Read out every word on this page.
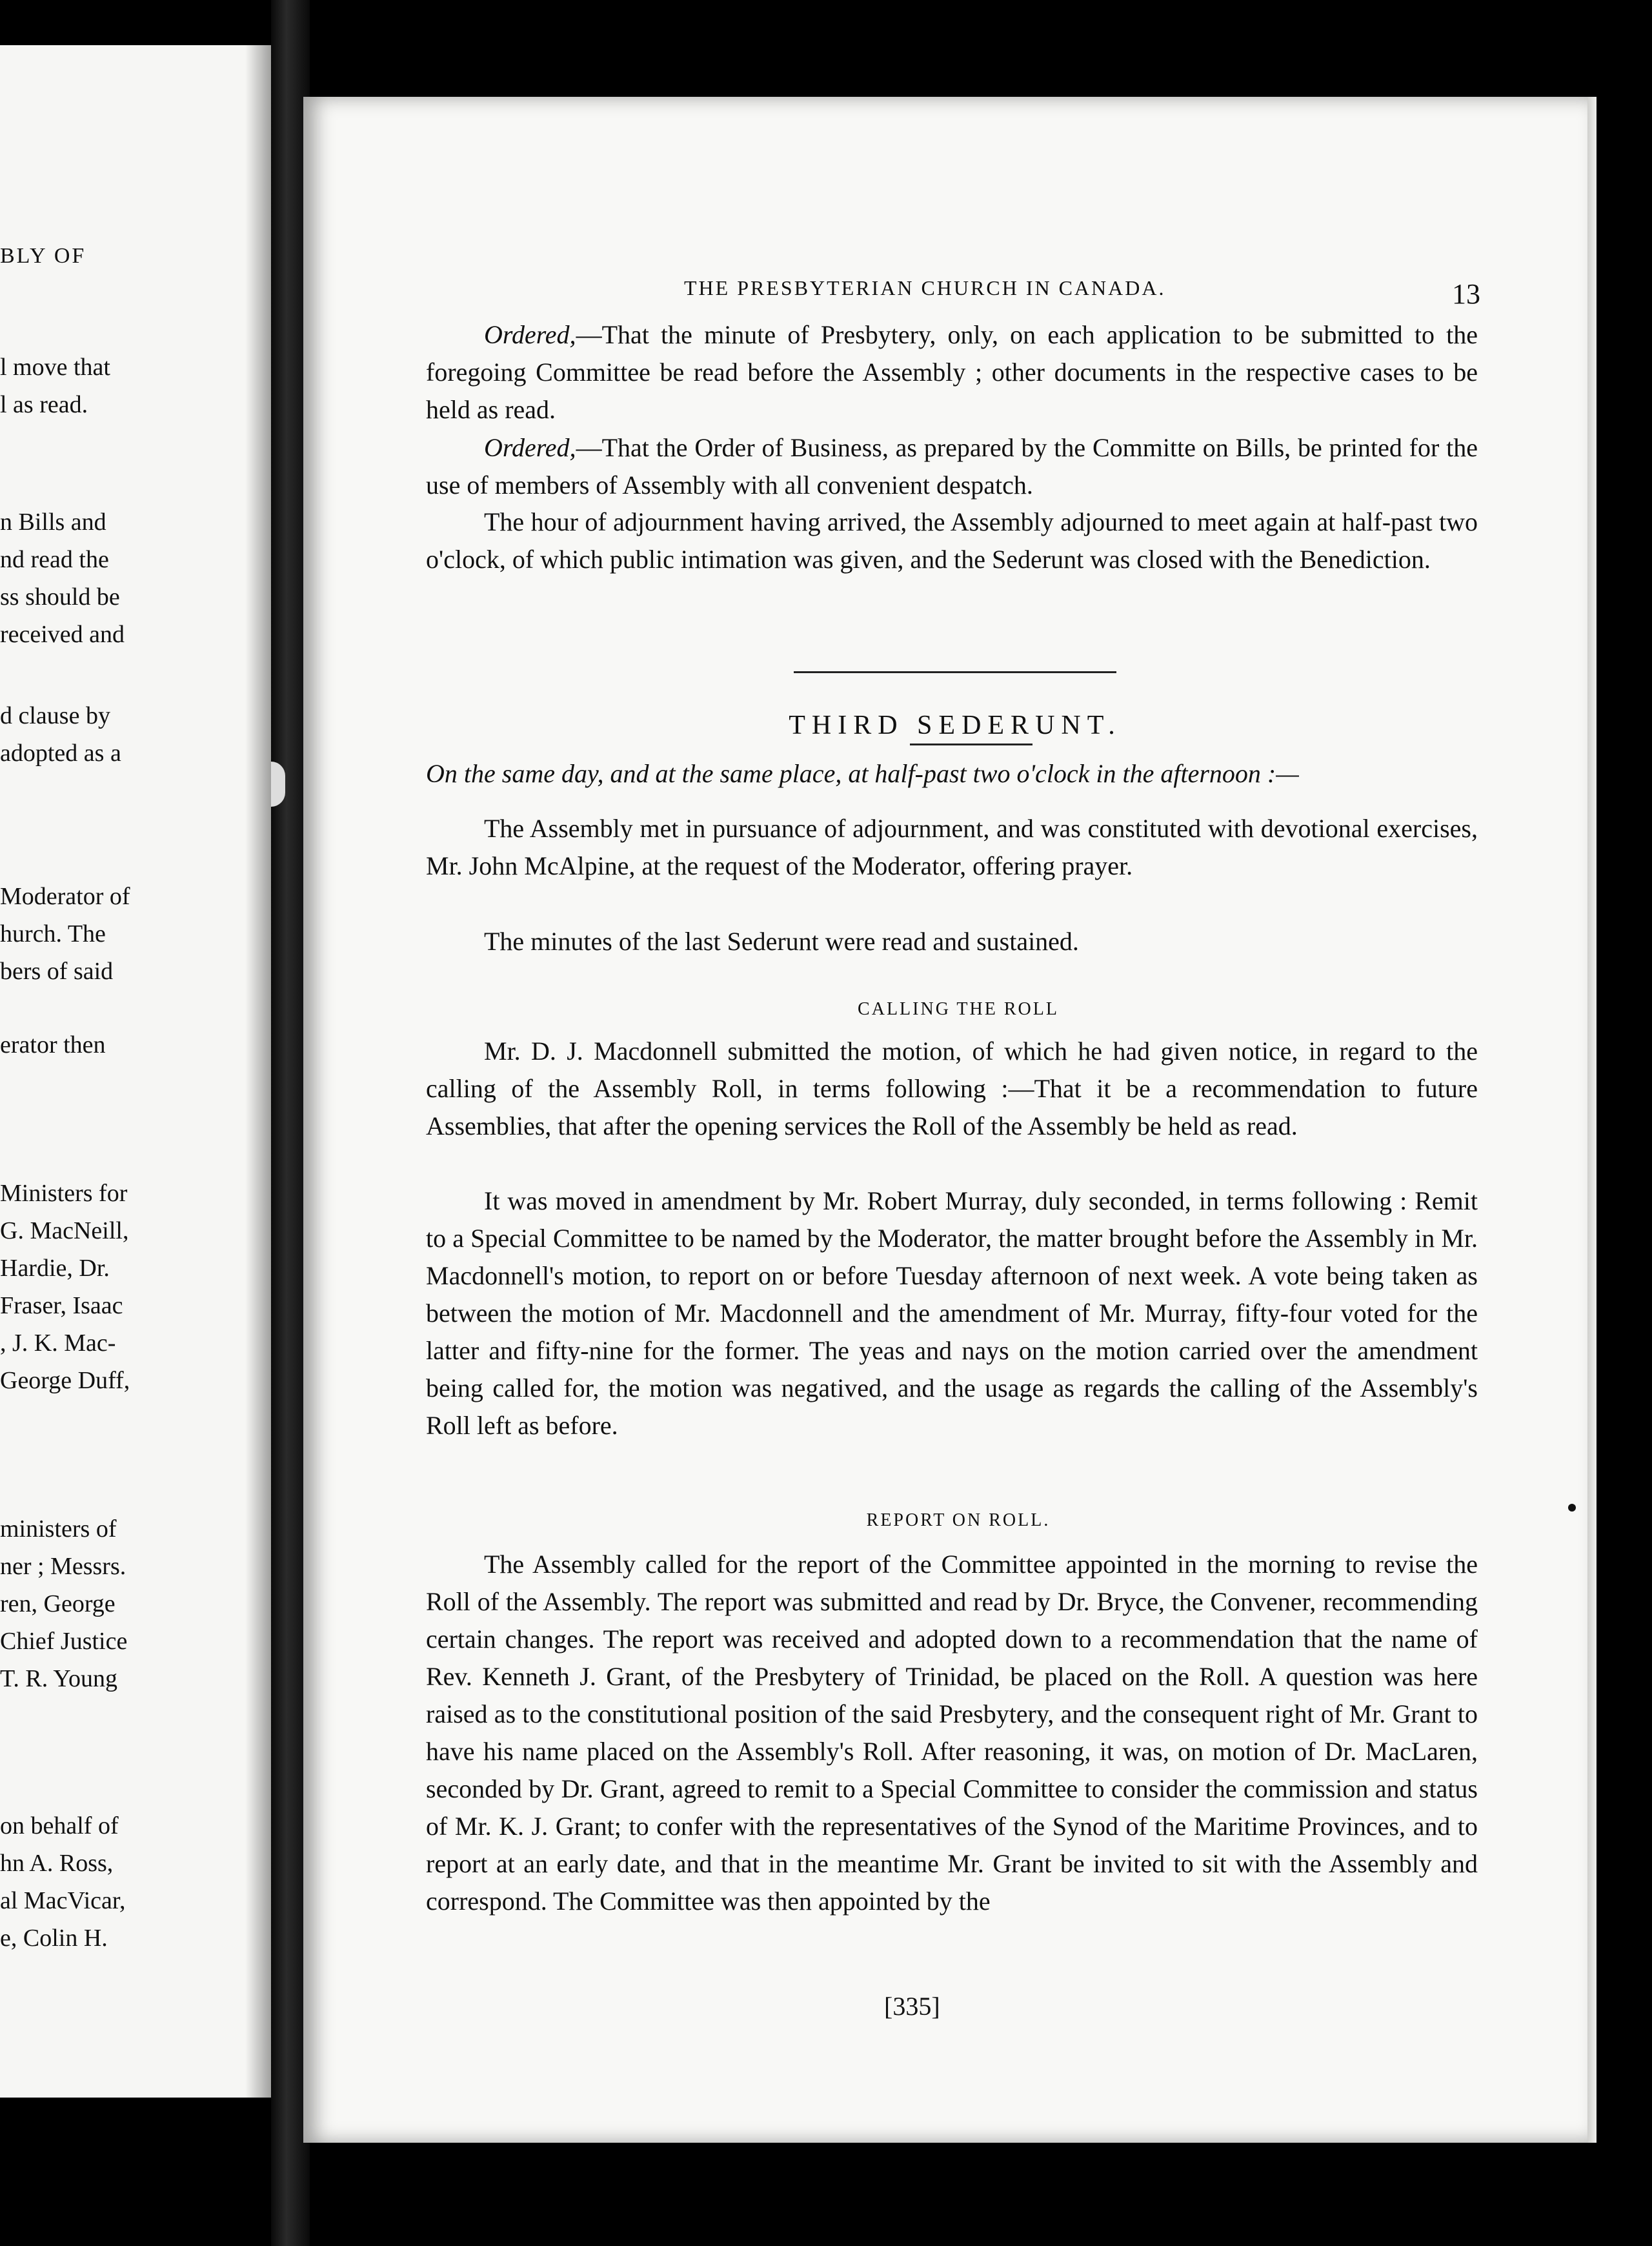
BLY OF
l move that
l as read.
n Bills and
nd read the
ss should be
received and
d clause by
adopted as a
Moderator of
hurch. The
bers of said
erator then
Ministers for
G. MacNeill,
Hardie, Dr.
Fraser, Isaac
, J. K. Mac-
George Duff,
ministers of
ner ; Messrs.
ren, George
Chief Justice
T. R. Young
on behalf of
hn A. Ross,
al MacVicar,
e, Colin H.
THE PRESBYTERIAN CHURCH IN CANADA.	13

Ordered,—That the minute of Presbytery, only, on each application to be submitted to the foregoing Committee be read before the Assembly ; other documents in the respective cases to be held as read.

Ordered,—That the Order of Business, as prepared by the Committe on Bills, be printed for the use of members of Assembly with all convenient despatch.

The hour of adjournment having arrived, the Assembly adjourned to meet again at half-past two o'clock, of which public intimation was given, and the Sederunt was closed with the Benediction.

THIRD SEDERUNT.
On the same day, and at the same place, at half-past two o'clock in the afternoon :—

The Assembly met in pursuance of adjournment, and was constituted with devotional exercises, Mr. John McAlpine, at the request of the Moderator, offering prayer.

The minutes of the last Sederunt were read and sustained.

CALLING THE ROLL

Mr. D. J. Macdonnell submitted the motion, of which he had given notice, in regard to the calling of the Assembly Roll, in terms following :—That it be a recommendation to future Assemblies, that after the opening services the Roll of the Assembly be held as read.

It was moved in amendment by Mr. Robert Murray, duly seconded, in terms following : Remit to a Special Committee to be named by the Moderator, the matter brought before the Assembly in Mr. Macdonnell's motion, to report on or before Tuesday afternoon of next week. A vote being taken as between the motion of Mr. Macdonnell and the amendment of Mr. Murray, fifty-four voted for the latter and fifty-nine for the former. The yeas and nays on the motion carried over the amendment being called for, the motion was negatived, and the usage as regards the calling of the Assembly's Roll left as before.

REPORT ON ROLL.

The Assembly called for the report of the Committee appointed in the morning to revise the Roll of the Assembly. The report was submitted and read by Dr. Bryce, the Convener, recommending certain changes. The report was received and adopted down to a recommendation that the name of Rev. Kenneth J. Grant, of the Presbytery of Trinidad, be placed on the Roll. A question was here raised as to the constitutional position of the said Presbytery, and the consequent right of Mr. Grant to have his name placed on the Assembly's Roll. After reasoning, it was, on motion of Dr. MacLaren, seconded by Dr. Grant, agreed to remit to a Special Committee to consider the commission and status of Mr. K. J. Grant; to confer with the representatives of the Synod of the Maritime Provinces, and to report at an early date, and that in the meantime Mr. Grant be invited to sit with the Assembly and correspond. The Committee was then appointed by the

[335]
